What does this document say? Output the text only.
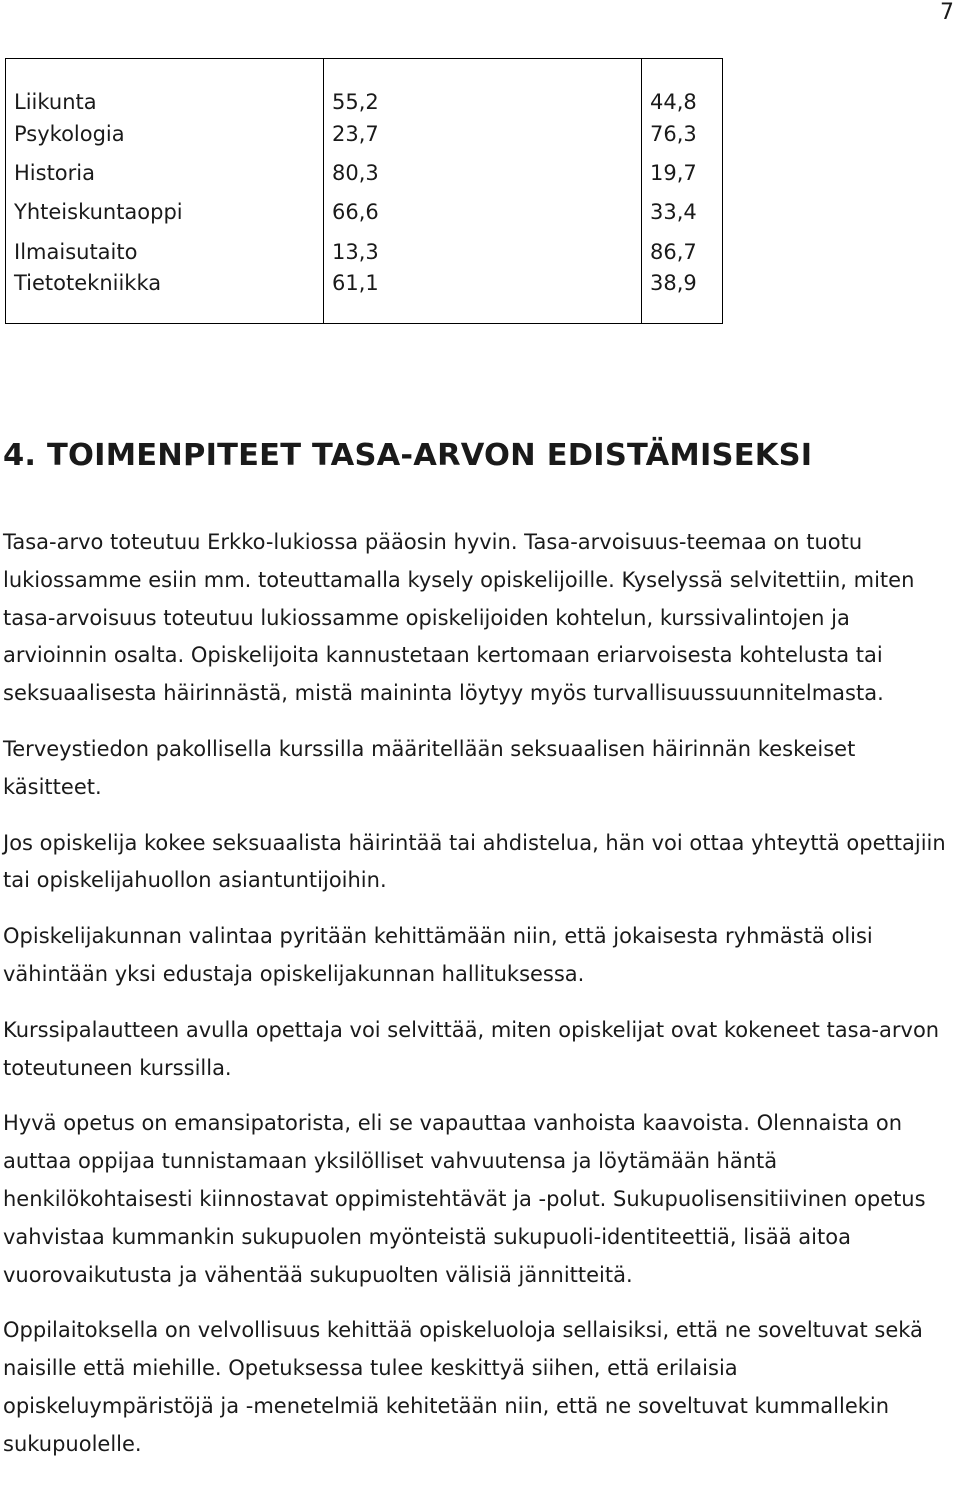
7
Liikunta	55,2	44,8
Psykologia	23,7	76,3
Historia	80,3	19,7
Yhteiskuntaoppi	66,6	33,4
Ilmaisutaito	13,3	86,7
Tietotekniikka	61,1	38,9
4. TOIMENPITEET TASA-ARVON EDISTÄMISEKSI

Tasa-arvo toteutuu Erkko-lukiossa pääosin hyvin. Tasa-arvoisuus-teemaa on tuotu lukiossamme esiin mm. toteuttamalla kysely opiskelijoille. Kyselyssä selvitettiin, miten tasa-arvoisuus toteutuu lukiossamme opiskelijoiden kohtelun, kurssivalintojen ja arvioinnin osalta. Opiskelijoita kannustetaan kertomaan eriarvoisesta kohtelusta tai seksuaalisesta häirinnästä, mistä maininta löytyy myös turvallisuussuunnitelmasta.

Terveystiedon pakollisella kurssilla määritellään seksuaalisen häirinnän keskeiset käsitteet.

Jos opiskelija kokee seksuaalista häirintää tai ahdistelua, hän voi ottaa yhteyttä opettajiin tai opiskelijahuollon asiantuntijoihin.

Opiskelijakunnan valintaa pyritään kehittämään niin, että jokaisesta ryhmästä olisi vähintään yksi edustaja opiskelijakunnan hallituksessa.

Kurssipalautteen avulla opettaja voi selvittää, miten opiskelijat ovat kokeneet tasa-arvon toteutuneen kurssilla.

Hyvä opetus on emansipatorista, eli se vapauttaa vanhoista kaavoista. Olennaista on auttaa oppijaa tunnistamaan yksilölliset vahvuutensa ja löytämään häntä henkilökohtaisesti kiinnostavat oppimistehtävät ja -polut. Sukupuolisensitiivinen opetus vahvistaa kummankin sukupuolen myönteistä sukupuoli-identiteettiä, lisää aitoa vuorovaikutusta ja vähentää sukupuolten välisiä jännitteitä.

Oppilaitoksella on velvollisuus kehittää opiskeluoloja sellaisiksi, että ne soveltuvat sekä naisille että miehille. Opetuksessa tulee keskittyä siihen, että erilaisia opiskeluympäristöjä ja -menetelmiä kehitetään niin, että ne soveltuvat kummallekin sukupuolelle.
